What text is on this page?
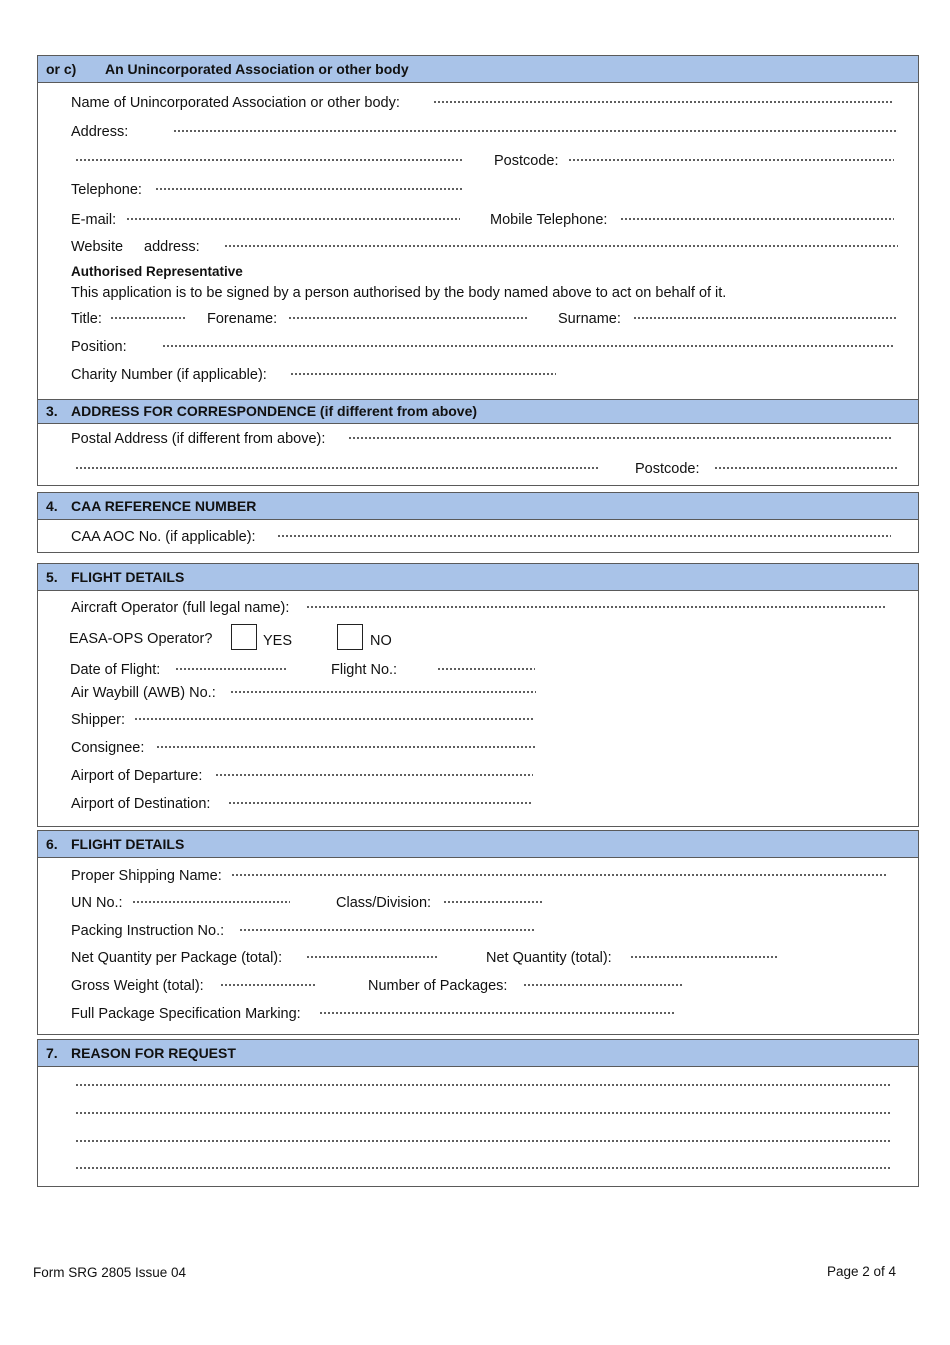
or c) An Unincorporated Association or other body
Name of Unincorporated Association or other body:
Address:
Postcode:
Telephone:
E-mail:	Mobile Telephone:
Website address:
Authorised Representative
This application is to be signed by a person authorised by the body named above to act on behalf of it.
Title:	Forename:	Surname:
Position:
Charity Number (if applicable):
3. ADDRESS FOR CORRESPONDENCE (if different from above)
Postal Address (if different from above):
Postcode:
4. CAA REFERENCE NUMBER
CAA AOC No. (if applicable):
5. FLIGHT DETAILS
Aircraft Operator (full legal name):
EASA-OPS Operator?	YES	NO
Date of Flight:	Flight No.:
Air Waybill (AWB) No.:
Shipper:
Consignee:
Airport of Departure:
Airport of Destination:
6. FLIGHT DETAILS
Proper Shipping Name:
UN No.:	Class/Division:
Packing Instruction No.:
Net Quantity per Package (total):	Net Quantity (total):
Gross Weight (total):	Number of Packages:
Full Package Specification Marking:
7. REASON FOR REQUEST
Form SRG 2805 Issue 04	Page 2 of 4
